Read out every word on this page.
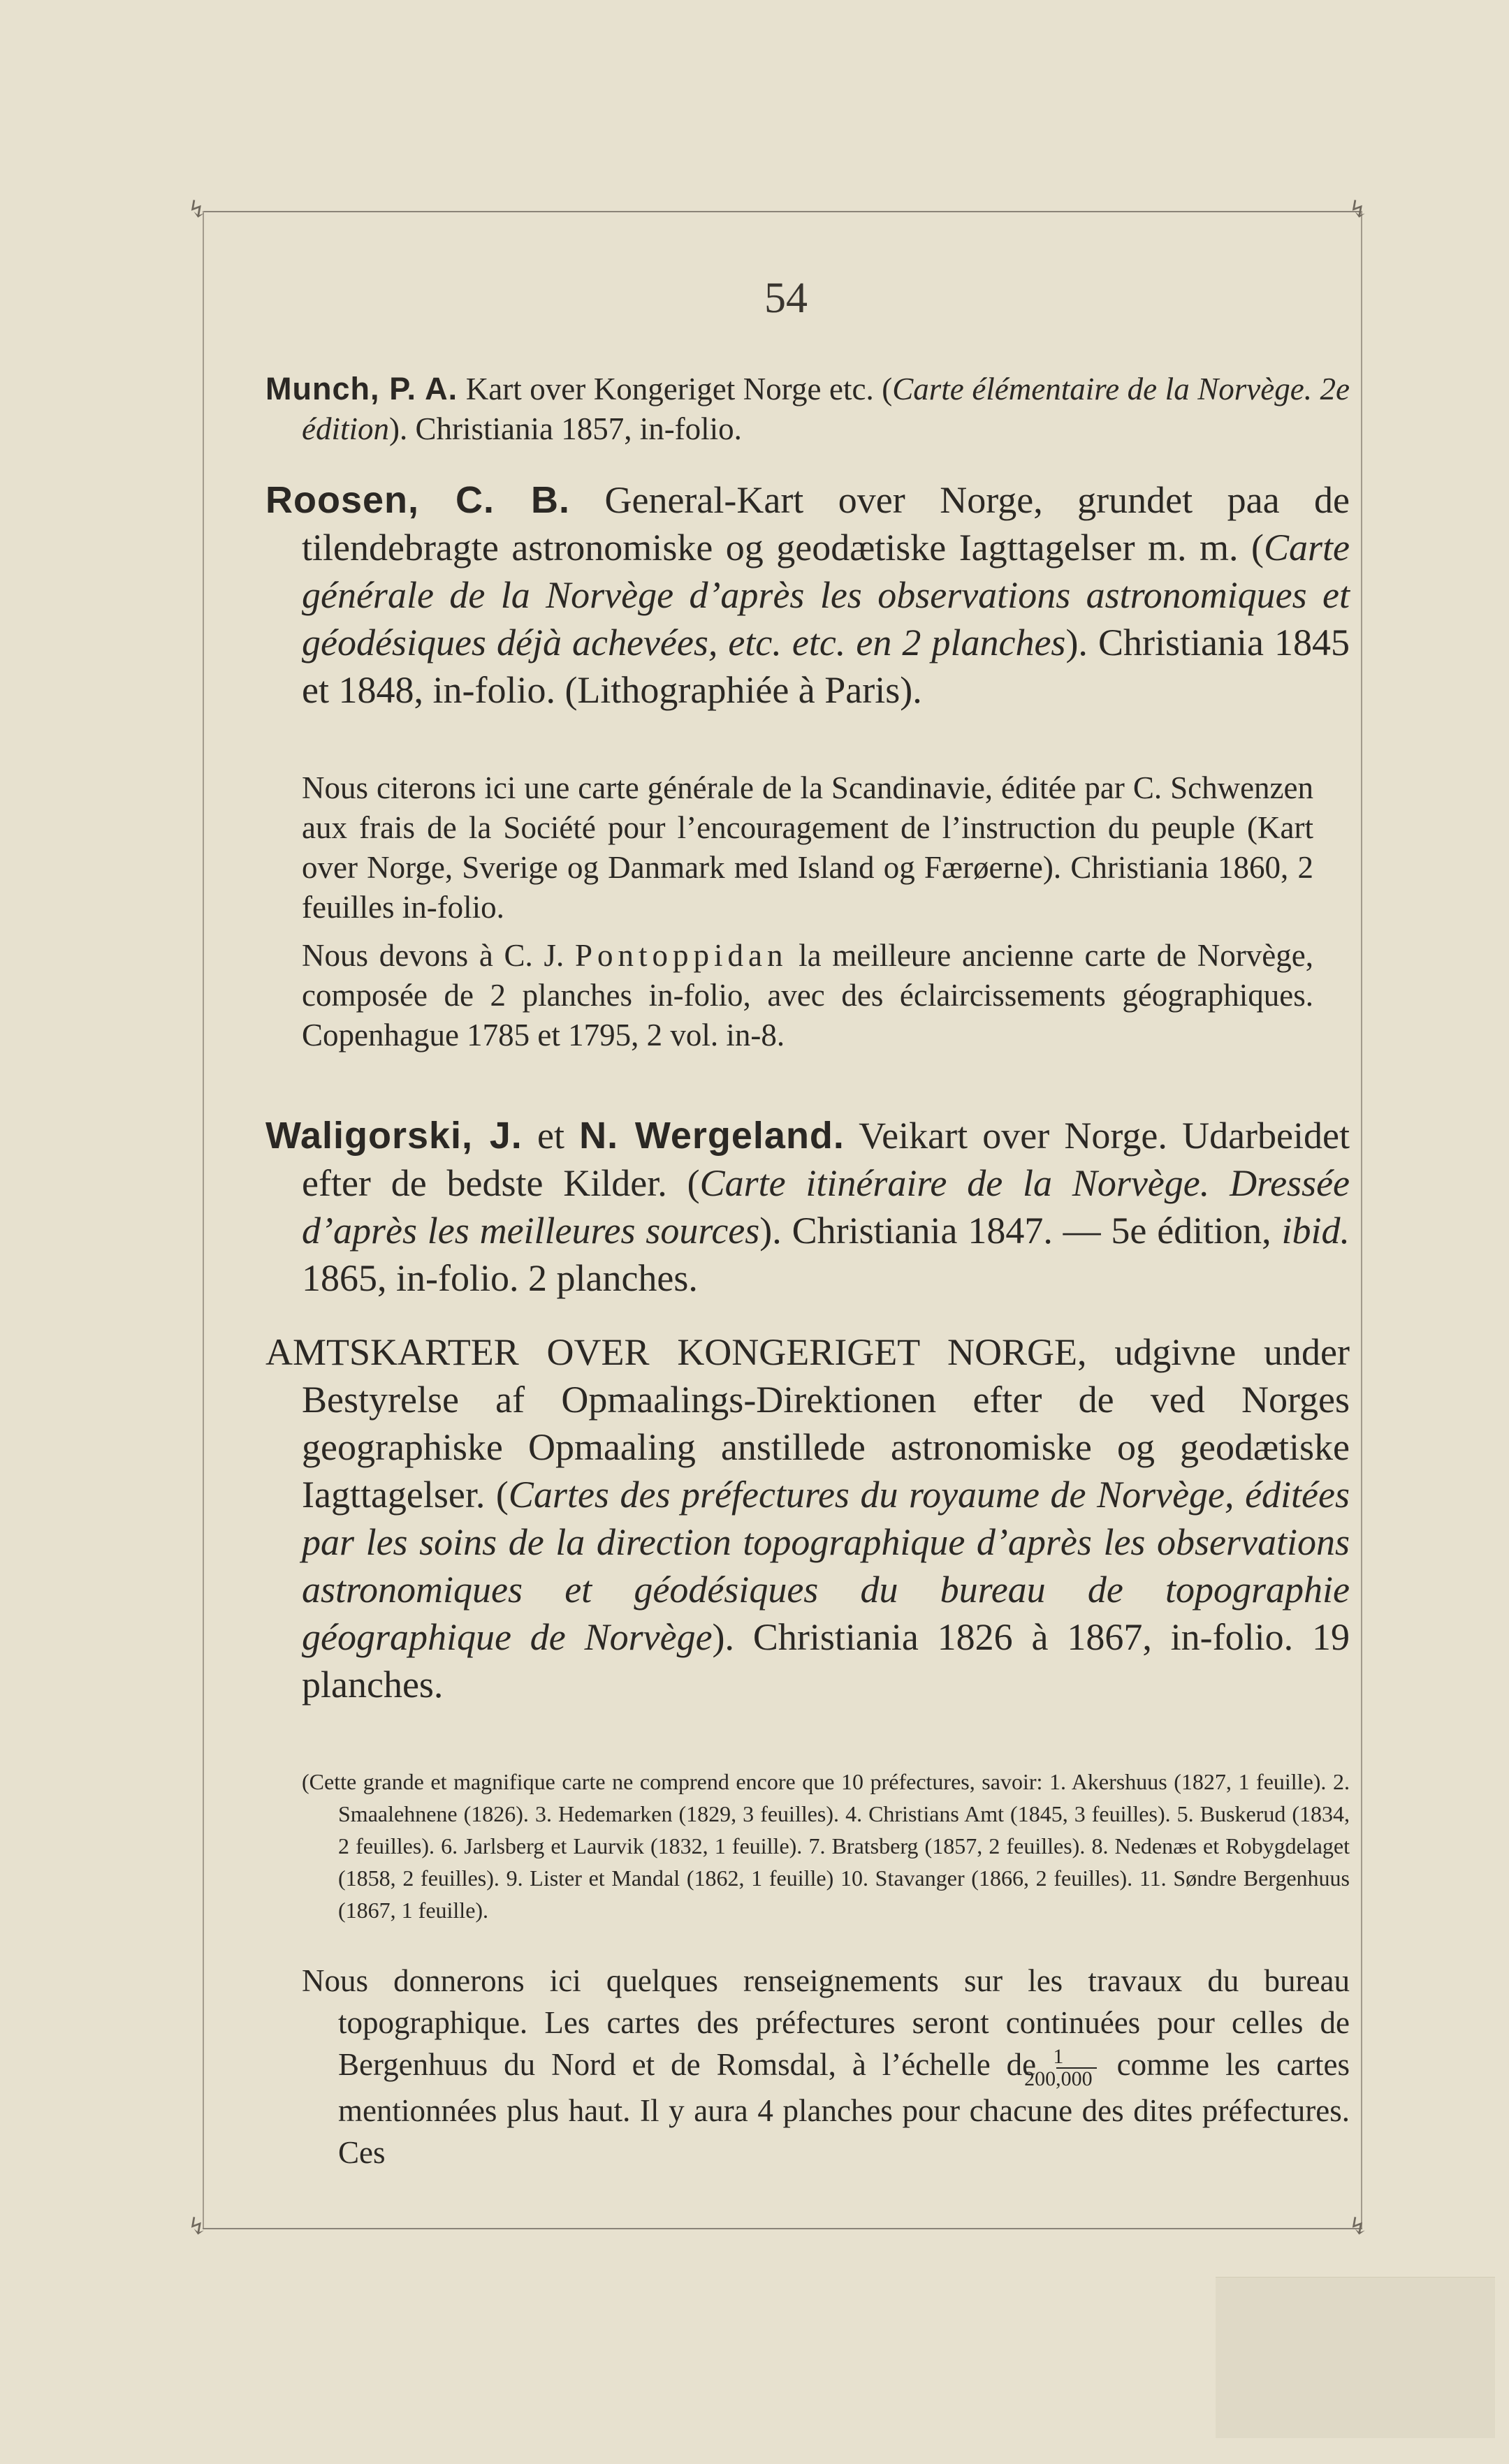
↯	↯
↯	↯
54
Munch, P. A. Kart over Kongeriget Norge etc. (Carte élémentaire de la Norvège. 2e édition). Christiania 1857, in-folio.
Roosen, C. B. General-Kart over Norge, grundet paa de tilendebragte astronomiske og geodætiske Iagttagelser m. m. (Carte générale de la Norvège d’après les observations astronomiques et géodésiques déjà achevées, etc. etc. en 2 planches). Christiania 1845 et 1848, in-folio. (Lithographiée à Paris).
Nous citerons ici une carte générale de la Scandinavie, éditée par C. Schwenzen aux frais de la Société pour l’encouragement de l’instruction du peuple (Kart over Norge, Sverige og Danmark med Island og Færøerne). Christiania 1860, 2 feuilles in-folio.
Nous devons à C. J. Pontoppidan la meilleure ancienne carte de Norvège, composée de 2 planches in-folio, avec des éclaircissements géographiques. Copenhague 1785 et 1795, 2 vol. in-8.
Waligorski, J. et N. Wergeland. Veikart over Norge. Udarbeidet efter de bedste Kilder. (Carte itinéraire de la Norvège. Dressée d’après les meilleures sources). Christiania 1847. — 5e édition, ibid. 1865, in-folio. 2 planches.
AMTSKARTER OVER KONGERIGET NORGE, udgivne under Bestyrelse af Opmaalings-Direktionen efter de ved Norges geographiske Opmaaling anstillede astronomiske og geodætiske Iagttagelser. (Cartes des préfectures du royaume de Norvège, éditées par les soins de la direction topographique d’après les observations astronomiques et géodésiques du bureau de topographie géographique de Norvège). Christiania 1826 à 1867, in-folio. 19 planches.
(Cette grande et magnifique carte ne comprend encore que 10 préfectures, savoir: 1. Akershuus (1827, 1 feuille). 2. Smaalehnene (1826). 3. Hedemarken (1829, 3 feuilles). 4. Christians Amt (1845, 3 feuilles). 5. Buskerud (1834, 2 feuilles). 6. Jarlsberg et Laurvik (1832, 1 feuille). 7. Bratsberg (1857, 2 feuilles). 8. Nedenæs et Robygdelaget (1858, 2 feuilles). 9. Lister et Mandal (1862, 1 feuille) 10. Stavanger (1866, 2 feuilles). 11. Søndre Bergenhuus (1867, 1 feuille).
Nous donnerons ici quelques renseignements sur les travaux du bureau topographique. Les cartes des préfectures seront continuées pour celles de Bergenhuus du Nord et de Romsdal, à l’échelle de $\frac{1}{200,000}$ comme les cartes mentionnées plus haut. Il y aura 4 planches pour chacune des dites préfectures. Ces
